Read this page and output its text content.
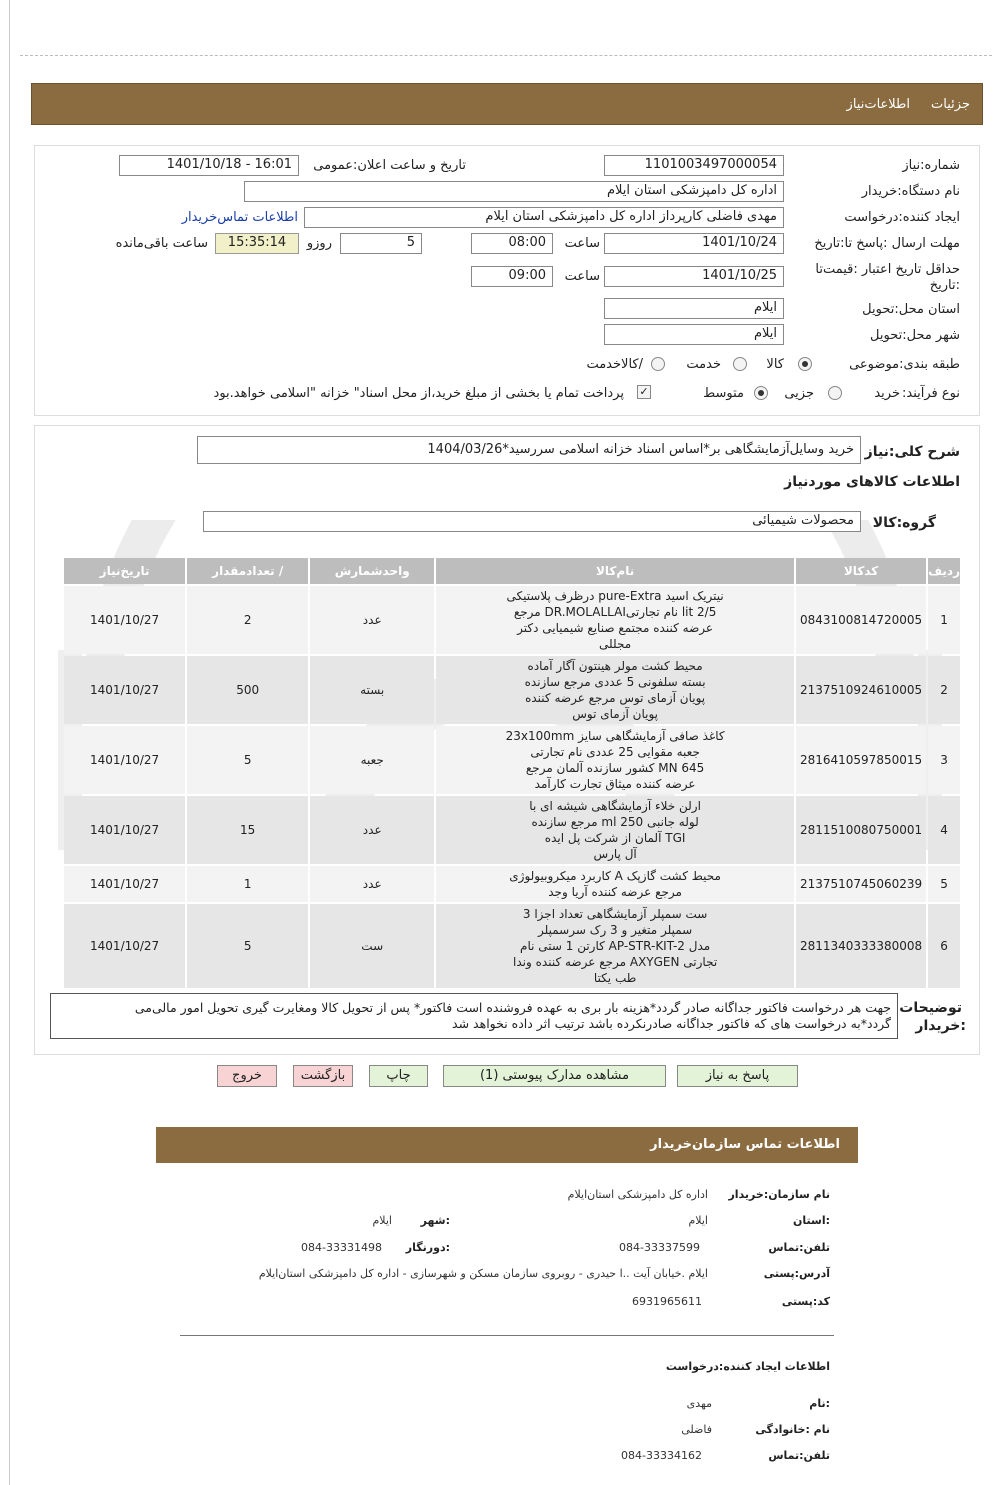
جزئیات
اطلاعات‌نیاز
شماره:نیاز
1101003497000054
تاریخ و ساعت اعلان:عمومی
1401/10/18 - 16:01
نام دستگاه:خریدار
اداره کل دامپزشکی استان ایلام
ایجاد کننده:درخواست
مهدی فاضلی کارپرداز اداره کل دامپزشکی استان ایلام
اطلاعات تماس‌خریدار
مهلت ارسال :پاسخ تا:تاریخ
1401/10/24
ساعت
08:00
5
روزو
15:35:14
ساعت باقی‌مانده
حداقل تاریخ اعتبار :قیمت‌تا
:تاریخ
1401/10/25
ساعت
09:00
استان محل:تحویل
ایلام
شهر محل:تحویل
ایلام
طبقه بندی:موضوعی
کالا
خدمت
/کالاخدمت
نوع فرآیند:
خرید
جزیی
متوسط
✓
پرداخت تمام یا بخشی از مبلغ خرید،از محل اسناد" خزانه "اسلامی خواهد.بود
شرح کلی:نیاز
خرید وسایل‌آزمایشگاهی بر*اساس اسناد خزانه اسلامی سررسید*1404/03/26
اطلاعات کالاهای موردنیاز
گروه:کالا
محصولات شیمیائی
ردیف	کدکالا	نام‌کالا	واحدشمارش	/ تعدادمقدار	تاریخ‌نیاز
1	0843100814720005	نیتریک اسید pure-Extra درظرف پلاستیکی
2/5 lit نام تجارتیDR.MOLALLAI مرجع
عرضه کننده مجتمع صنایع شیمیایی دکتر
مجللی	عدد	2	1401/10/27
2	2137510924610005	محیط کشت مولر هینتون آگار آماده
بسته سلفونی 5 عددی مرجع سازنده
پویان آزمای توس مرجع عرضه کننده
پویان آزمای توس	بسته	500	1401/10/27
3	2816410597850015	کاغذ صافی آزمایشگاهی سایز 23x100mm
جعبه مقوایی 25 عددی نام تجارتی
MN 645 کشور سازنده آلمان مرجع
عرضه کننده میثاق تجارت کارآمد	جعبه	5	1401/10/27
4	2811510080750001	ارلن خلاء آزمایشگاهی شیشه ای با
لوله جانبی 250 ml مرجع سازنده
TGI آلمان از شرکت پل ایده
آل پارس	عدد	15	1401/10/27
5	2137510745060239	محیط کشت گازپک A کاربرد میکروبیولوژی
مرجع عرضه کننده آریا وجد	عدد	1	1401/10/27
6	2811340333380008	ست سمپلر آزمایشگاهی تعداد اجزا 3
سمپلر متغیر و 3 رک سرسمپلر
مدل AP-STR-KIT-2 کارتن 1 ستی نام
تجارتی AXYGEN مرجع عرضه کننده وندا
طب یکتا	ست	5	1401/10/27
توضیحات
:خریدار
جهت هر درخواست فاکتور جداگانه صادر گردد*هزینه بار بری به عهده فروشنده است فاکتور* پس از تحویل کالا ومغایرت گیری تحویل امور مالی‌می
گردد*به درخواست های که فاکتور جداگانه صادرنکرده باشد ترتیب اثر داده نخواهد شد
پاسخ به نیاز
مشاهده مدارک پیوستی (1)
چاپ
بازگشت
خروج
اطلاعات تماس سازمان‌خریدار
نام سازمان:خریدار
اداره کل دامپزشکی استان‌ایلام
:استان
ایلام
:شهر
ایلام
تلفن:تماس
084-33337599
:دورنگار
084-33331498
آدرس:پستی
ایلام .خیابان آیت ..ا حیدری - روبروی سازمان مسکن و شهرسازی - اداره کل دامپزشکی استان‌ایلام
کد:پستی
6931965611
اطلاعات ایجاد کننده:درخواست
:نام
مهدی
نام :خانوادگی
فاضلی
تلفن:تماس
084-33334162
